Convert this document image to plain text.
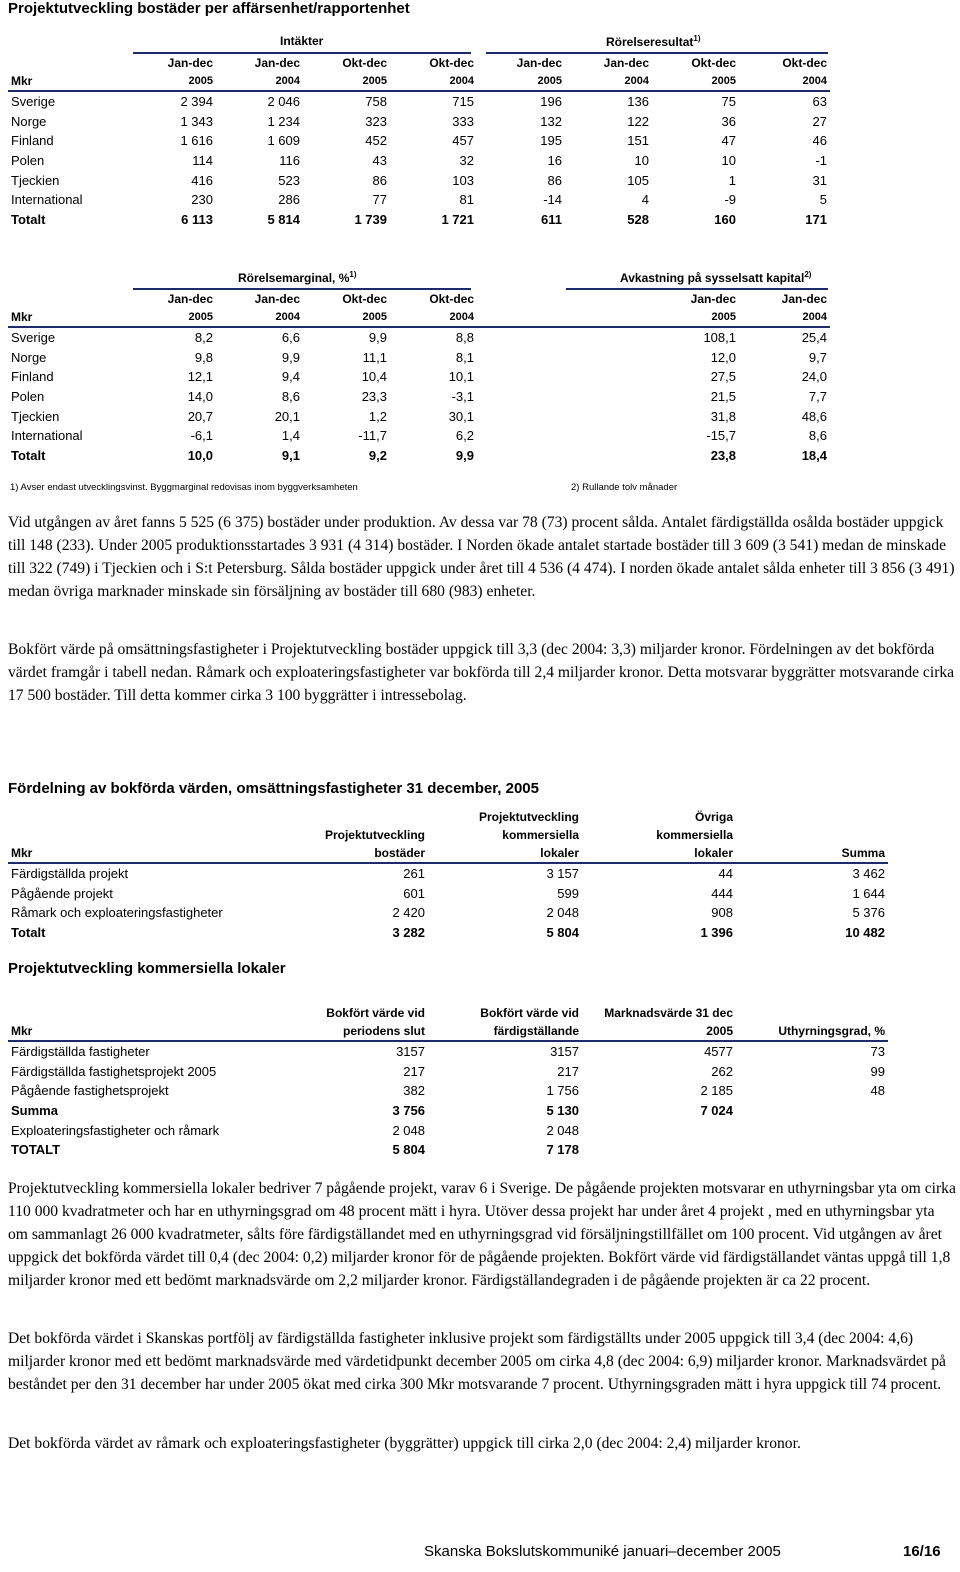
Projektutveckling bostäder per affärsenhet/rapportenhet
Intäkter	Rörelseresultat$^{1)}$
	Jan-dec	Jan-dec	Okt-dec	Okt-dec	Jan-dec	Jan-dec	Okt-dec	Okt-dec
Mkr	2005	2004	2005	2004	2005	2004	2005	2004
Sverige	2 394	2 046	758	715	196	136	75	63
Norge	1 343	1 234	323	333	132	122	36	27
Finland	1 616	1 609	452	457	195	151	47	46
Polen	114	116	43	32	16	10	10	-1
Tjeckien	416	523	86	103	86	105	1	31
International	230	286	77	81	-14	4	-9	5
Totalt	6 113	5 814	1 739	1 721	611	528	160	171
Rörelsemarginal, %$^{1)}$	Avkastning på sysselsatt kapital$^{2)}$
	Jan-dec	Jan-dec	Okt-dec	Okt-dec			Jan-dec	Jan-dec
Mkr	2005	2004	2005	2004			2005	2004
Sverige	8,2	6,6	9,9	8,8			108,1	25,4
Norge	9,8	9,9	11,1	8,1			12,0	9,7
Finland	12,1	9,4	10,4	10,1			27,5	24,0
Polen	14,0	8,6	23,3	-3,1			21,5	7,7
Tjeckien	20,7	20,1	1,2	30,1			31,8	48,6
International	-6,1	1,4	-11,7	6,2			-15,7	8,6
Totalt	10,0	9,1	9,2	9,9			23,8	18,4
1) Avser endast utvecklingsvinst. Byggmarginal redovisas inom byggverksamheten	2) Rullande tolv månader

Vid utgången av året fanns 5 525 (6 375) bostäder under produktion. Av dessa var 78 (73) procent sålda. Antalet färdigställda osålda bostäder uppgick till 148 (233). Under 2005 produktionsstartades 3 931 (4 314) bostäder. I Norden ökade antalet startade bostäder till 3 609 (3 541) medan de minskade till 322 (749) i Tjeckien och i S:t Petersburg. Sålda bostäder uppgick under året till 4 536 (4 474). I norden ökade antalet sålda enheter till 3 856 (3 491) medan övriga marknader minskade sin försäljning av bostäder till 680 (983) enheter.

Bokfört värde på omsättningsfastigheter i Projektutveckling bostäder uppgick till 3,3 (dec 2004: 3,3) miljarder kronor. Fördelningen av det bokförda värdet framgår i tabell nedan. Råmark och exploateringsfastigheter var bokförda till 2,4 miljarder kronor. Detta motsvarar byggrätter motsvarande cirka 17 500 bostäder. Till detta kommer cirka 3 100 byggrätter i intressebolag.

Fördelning av bokförda värden, omsättningsfastigheter 31 december, 2005
		Projektutveckling	Övriga	
	Projektutveckling	kommersiella	kommersiella	
Mkr	bostäder	lokaler	lokaler	Summa
Färdigställda projekt	261	3 157	44	3 462
Pågående projekt	601	599	444	1 644
Råmark och exploateringsfastigheter	2 420	2 048	908	5 376
Totalt	3 282	5 804	1 396	10 482
Projektutveckling kommersiella lokaler
	Bokfört värde vid	Bokfört värde vid	Marknadsvärde 31 dec	
Mkr	periodens slut	färdigställande	2005	Uthyrningsgrad, %
Färdigställda fastigheter	3157	3157	4577	73
Färdigställda fastighetsprojekt 2005	217	217	262	99
Pågående fastighetsprojekt	382	1 756	2 185	48
Summa	3 756	5 130	7 024	
Exploateringsfastigheter och råmark	2 048	2 048		
TOTALT	5 804	7 178		

Projektutveckling kommersiella lokaler bedriver 7 pågående projekt, varav 6 i Sverige. De pågående projekten motsvarar en uthyrningsbar yta om cirka 110 000 kvadratmeter och har en uthyrningsgrad om 48 procent mätt i hyra. Utöver dessa projekt har under året 4 projekt , med en uthyrningsbar yta om sammanlagt 26 000 kvadratmeter, sålts före färdigställandet med en uthyrningsgrad vid försäljningstillfället om 100 procent. Vid utgången av året uppgick det bokförda värdet till 0,4 (dec 2004: 0,2) miljarder kronor för de pågående projekten. Bokfört värde vid färdigställandet väntas uppgå till 1,8 miljarder kronor med ett bedömt marknadsvärde om 2,2 miljarder kronor. Färdigställandegraden i de pågående projekten är ca 22 procent.

Det bokförda värdet i Skanskas portfölj av färdigställda fastigheter inklusive projekt som färdigställts under 2005 uppgick till 3,4 (dec 2004: 4,6) miljarder kronor med ett bedömt marknadsvärde med värdetidpunkt december 2005 om cirka 4,8 (dec 2004: 6,9) miljarder kronor. Marknadsvärdet på beståndet per den 31 december har under 2005 ökat med cirka 300 Mkr motsvarande 7 procent. Uthyrningsgraden mätt i hyra uppgick till 74 procent.

Det bokförda värdet av råmark och exploateringsfastigheter (byggrätter) uppgick till cirka 2,0 (dec 2004: 2,4) miljarder kronor.

Skanska Bokslutskommuniké januari–december 2005	16/16
